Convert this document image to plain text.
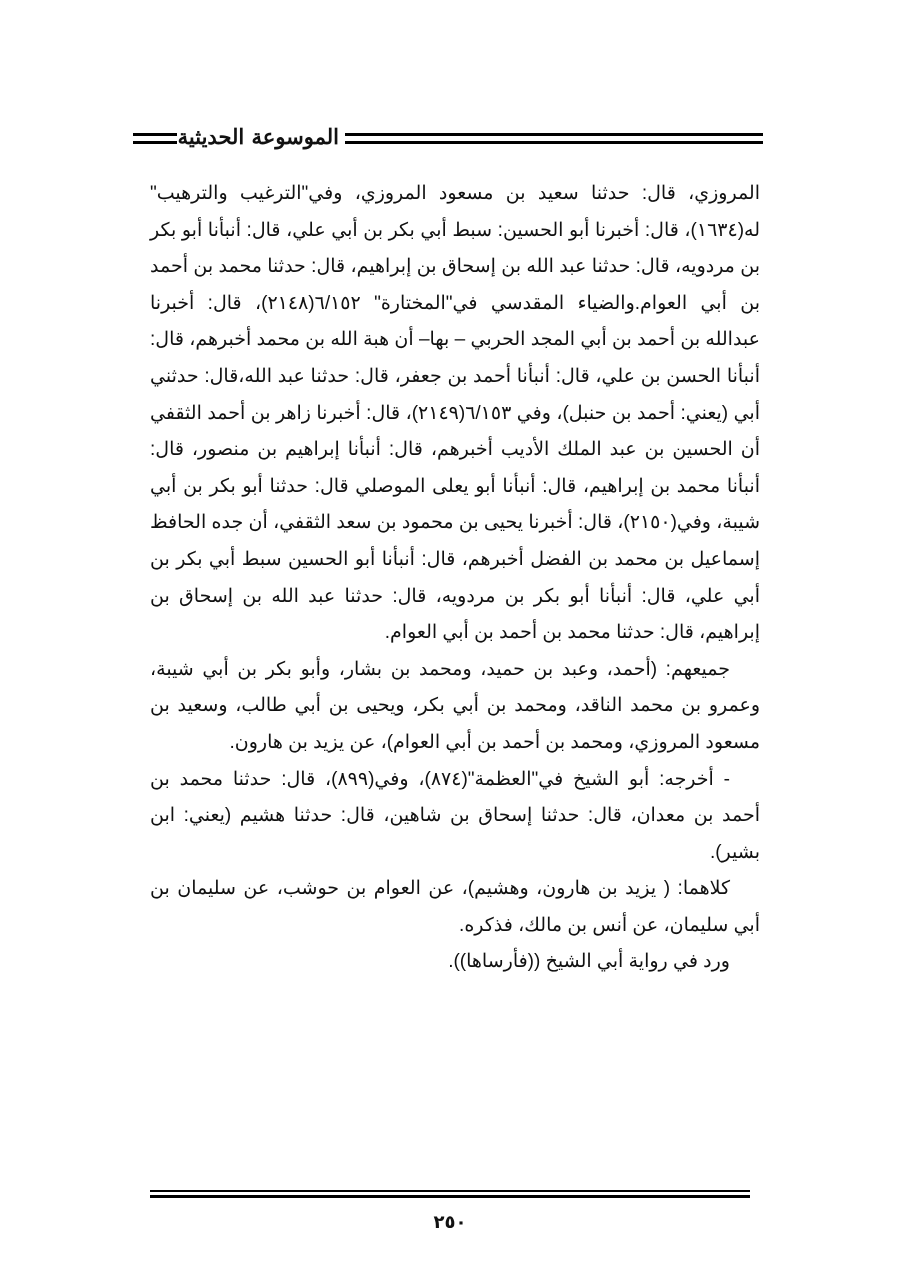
الموسوعة الحديثية

المروزي، قال: حدثنا سعيد بن مسعود المروزي، وفي"الترغيب والترهيب" له(١٦٣٤)، قال: أخبرنا أبو الحسين: سبط أبي بكر بن أبي علي، قال: أنبأنا أبو بكر بن مردويه، قال: حدثنا عبد الله بن إسحاق بن إبراهيم، قال: حدثنا محمد بن أحمد بن أبي العوام.والضياء المقدسي في"المختارة" ٦/١٥٢(٢١٤٨)، قال: أخبرنا عبدالله بن أحمد بن أبي المجد الحربي – بها– أن هبة الله بن محمد أخبرهم، قال: أنبأنا الحسن بن علي، قال: أنبأنا أحمد بن جعفر، قال: حدثنا عبد الله،قال: حدثني أبي (يعني: أحمد بن حنبل)، وفي ٦/١٥٣(٢١٤٩)، قال: أخبرنا زاهر بن أحمد الثقفي أن الحسين بن عبد الملك الأديب أخبرهم، قال: أنبأنا إبراهيم بن منصور، قال: أنبأنا محمد بن إبراهيم، قال: أنبأنا أبو يعلى الموصلي قال: حدثنا أبو بكر بن أبي شيبة، وفي(٢١٥٠)، قال: أخبرنا يحيى بن محمود بن سعد الثقفي، أن جده الحافظ إسماعيل بن محمد بن الفضل أخبرهم، قال: أنبأنا أبو الحسين سبط أبي بكر بن أبي علي، قال: أنبأنا أبو بكر بن مردويه، قال: حدثنا عبد الله بن إسحاق بن إبراهيم، قال: حدثنا محمد بن أحمد بن أبي العوام.

جميعهم: (أحمد، وعبد بن حميد، ومحمد بن بشار، وأبو بكر بن أبي شيبة، وعمرو بن محمد الناقد، ومحمد بن أبي بكر، ويحيى بن أبي طالب، وسعيد بن مسعود المروزي، ومحمد بن أحمد بن أبي العوام)، عن يزيد بن هارون.

- أخرجه: أبو الشيخ في"العظمة"(٨٧٤)، وفي(٨٩٩)، قال: حدثنا محمد بن أحمد بن معدان، قال: حدثنا إسحاق بن شاهين، قال: حدثنا هشيم (يعني: ابن بشير).

كلاهما: ( يزيد بن هارون، وهشيم)، عن العوام بن حوشب، عن سليمان بن أبي سليمان، عن أنس بن مالك، فذكره.

ورد في رواية أبي الشيخ ((فأرساها)).

٢٥٠
